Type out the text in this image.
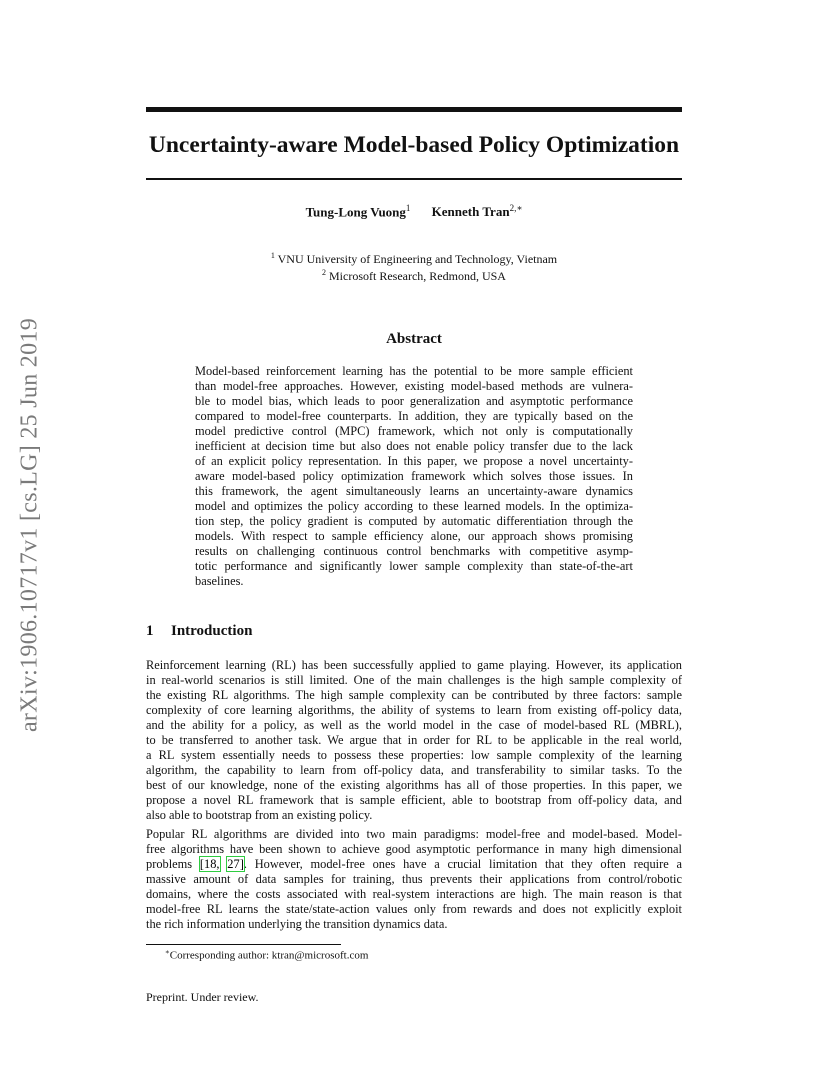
arXiv:1906.10717v1 [cs.LG] 25 Jun 2019
Uncertainty-aware Model-based Policy Optimization
Tung-Long Vuong$^1$ Kenneth Tran$^{2,∗}$
$^1$ VNU University of Engineering and Technology, Vietnam
$^2$ Microsoft Research, Redmond, USA
Abstract
Model-based reinforcement learning has the potential to be more sample efficient
than model-free approaches. However, existing model-based methods are vulnera-
ble to model bias, which leads to poor generalization and asymptotic performance
compared to model-free counterparts. In addition, they are typically based on the
model predictive control (MPC) framework, which not only is computationally
inefficient at decision time but also does not enable policy transfer due to the lack
of an explicit policy representation. In this paper, we propose a novel uncertainty-
aware model-based policy optimization framework which solves those issues. In
this framework, the agent simultaneously learns an uncertainty-aware dynamics
model and optimizes the policy according to these learned models. In the optimiza-
tion step, the policy gradient is computed by automatic differentiation through the
models. With respect to sample efficiency alone, our approach shows promising
results on challenging continuous control benchmarks with competitive asymp-
totic performance and significantly lower sample complexity than state-of-the-art
baselines.
1 Introduction
Reinforcement learning (RL) has been successfully applied to game playing. However, its application
in real-world scenarios is still limited. One of the main challenges is the high sample complexity of
the existing RL algorithms. The high sample complexity can be contributed by three factors: sample
complexity of core learning algorithms, the ability of systems to learn from existing off-policy data,
and the ability for a policy, as well as the world model in the case of model-based RL (MBRL),
to be transferred to another task. We argue that in order for RL to be applicable in the real world,
a RL system essentially needs to possess these properties: low sample complexity of the learning
algorithm, the capability to learn from off-policy data, and transferability to similar tasks. To the
best of our knowledge, none of the existing algorithms has all of those properties. In this paper, we
propose a novel RL framework that is sample efficient, able to bootstrap from off-policy data, and
also able to bootstrap from an existing policy.
Popular RL algorithms are divided into two main paradigms: model-free and model-based. Model-
free algorithms have been shown to achieve good asymptotic performance in many high dimensional
problems [18, 27]. However, model-free ones have a crucial limitation that they often require a
massive amount of data samples for training, thus prevents their applications from control/robotic
domains, where the costs associated with real-system interactions are high. The main reason is that
model-free RL learns the state/state-action values only from rewards and does not explicitly exploit
the rich information underlying the transition dynamics data.
∗Corresponding author: ktran@microsoft.com
Preprint. Under review.
